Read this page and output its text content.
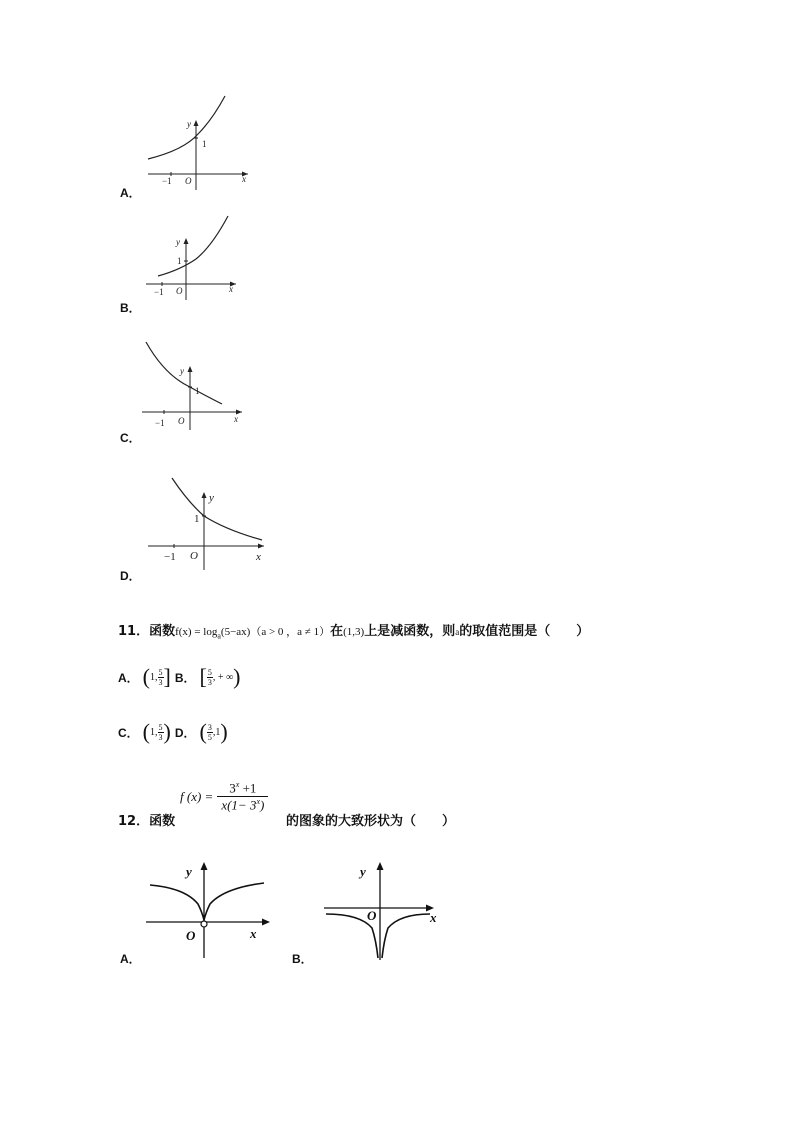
y
1
−1 O	x
A．
y
1
−1 O	x
B．
y
1
−1 O	x
C．
y
1
−1 O	x
D．
11．函数$f(x) = \log_a(5-ax)(a > 0$ ，a ≠ 1）在(1,3)上是减函数，则a的取值范围是（　　）
A． ( 1, $\frac{5}{3}$ ] B． [ $\frac{5}{3}$ , + ∞ )
C． ( 1, $\frac{5}{3}$ ) D． ( $\frac{3}{5} ,1$ )
12．函数
f $(x) = \frac{3^x +1}{x(1- 3^x)}$
的图象的大致形状为（　　）
y
O	x
A．
y
O	x
B．
